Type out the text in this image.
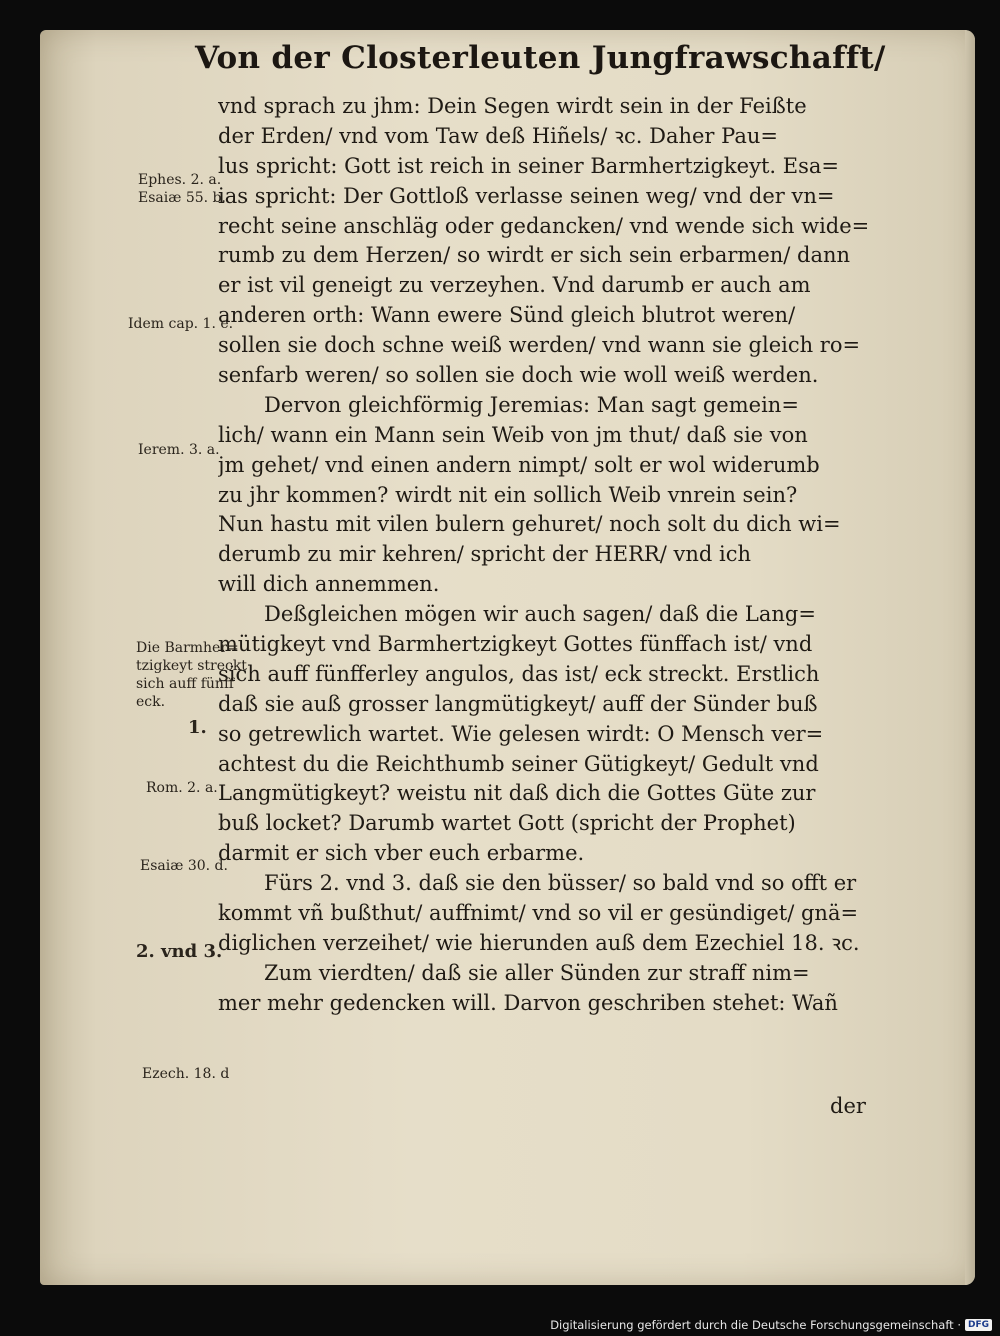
Von der Closterleuten Jungfrawschafft/
vnd sprach zu jhm: Dein Segen wirdt sein in der Feißte
der Erden/ vnd vom Taw deß Hiñels/ ꝛc. Daher Pau=
lus spricht: Gott ist reich in seiner Barmhertzigkeyt. Esa=
ias spricht: Der Gottloß verlasse seinen weg/ vnd der vn=
recht seine anschläg oder gedancken/ vnd wende sich wide=
rumb zu dem Herzen/ so wirdt er sich sein erbarmen/ dann
er ist vil geneigt zu verzeyhen. Vnd darumb er auch am
anderen orth: Wann ewere Sünd gleich blutrot weren/
sollen sie doch schne weiß werden/ vnd wann sie gleich ro=
senfarb weren/ so sollen sie doch wie woll weiß werden.
Dervon gleichförmig Jeremias: Man sagt gemein=
lich/ wann ein Mann sein Weib von jm thut/ daß sie von
jm gehet/ vnd einen andern nimpt/ solt er wol widerumb
zu jhr kommen? wirdt nit ein sollich Weib vnrein sein?
Nun hastu mit vilen bulern gehuret/ noch solt du dich wi=
derumb zu mir kehren/ spricht der HERR/ vnd ich
will dich annemmen.
Deßgleichen mögen wir auch sagen/ daß die Lang=
mütigkeyt vnd Barmhertzigkeyt Gottes fünffach ist/ vnd
sich auff fünfferley angulos, das ist/ eck streckt. Erstlich
daß sie auß grosser langmütigkeyt/ auff der Sünder buß
so getrewlich wartet. Wie gelesen wirdt: O Mensch ver=
achtest du die Reichthumb seiner Gütigkeyt/ Gedult vnd
Langmütigkeyt? weistu nit daß dich die Gottes Güte zur
buß locket? Darumb wartet Gott (spricht der Prophet)
darmit er sich vber euch erbarme.
Fürs 2. vnd 3. daß sie den büsser/ so bald vnd so offt er
kommt vñ bußthut/ auffnimt/ vnd so vil er gesündiget/ gnä=
diglichen verzeihet/ wie hierunden auß dem Ezechiel 18. ꝛc.
Zum vierdten/ daß sie aller Sünden zur straff nim=
mer mehr gedencken will. Darvon geschriben stehet: Wañ
der
Ephes. 2. a.
Esaiæ 55. b.
Idem cap. 1. e.
Ierem. 3. a.
Die Barmher=
tzigkeyt streckt
sich auff fünff
eck.
1.
Rom. 2. a.
Esaiæ 30. d.
2. vnd 3.
Ezech. 18. d
Digitalisierung gefördert durch die Deutsche Forschungsgemeinschaft · DFG
